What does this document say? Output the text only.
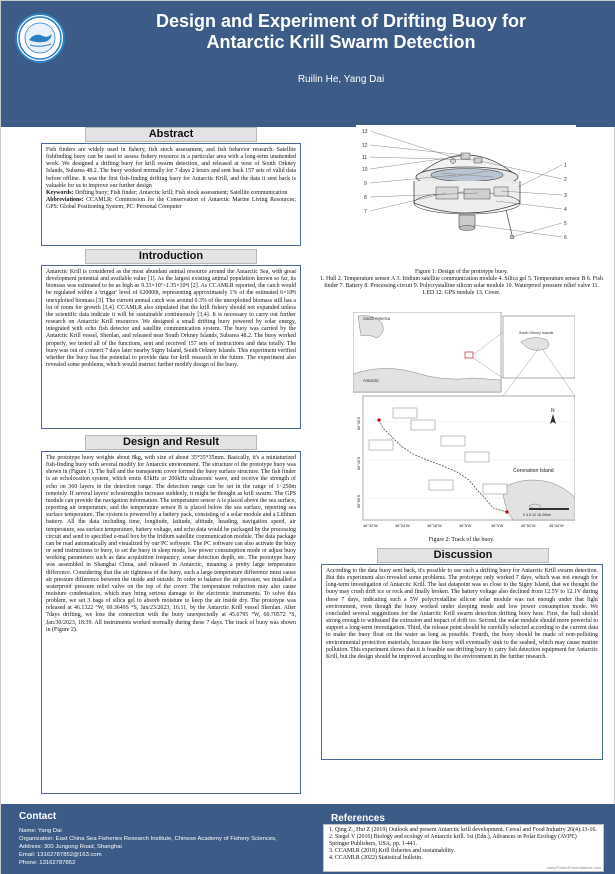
Design and Experiment of Drifting Buoy for
Antarctic Krill Swarm Detection
Ruilin He, Yang Dai
Abstract

Fish finders are widely used in fishery, fish stock assessment, and fish behavior research. Satellite fishfinding buoy can be used to assess fishery resource in a particular area with a long-term unattended work. We designed a drifting buoy for krill swarm detection, and released at west of South Orkney Islands, Subarea 48.2. The buoy worked normally for 7 days 2 hours and sent back 157 sets of valid data before offline. It was the first fish-finding drifting buoy for Antarctic Krill, and the data it sent back is valuable for us to improve our further design

Keywords: Drifting buoy; Fish finder; Antarctic krill; Fish stock assessment; Satellite communication

Abbreviations: CCAMLR: Commission for the Conservation of Antarctic Marine Living Resources; GPS: Global Positioning System; PC: Personal Computer

Introduction
Antarctic Krill is considered as the most abundant animal resource around the Antarctic Sea, with great development potential and available value [1]. As the largest existing animal population known so far, its biomass was estimated to be as high as 9.33×10⁷~1.35×10⁸t [2]. As CCAMLR reported, the catch would be regulated within a 'trigger' level of 620000t, representing approximately 1% of the estimated 6×10⁸t unexploited biomass [3]. The current annual catch was around 0.3% of the unexploited biomass still has a lot of room for growth [3,4]. CCAMLR also stipulated that the krill fishery should not expanded unless the scientific data indicate it will be sustainable continuously [3,4]. It is necessary to carry out further research on Antarctic Krill resources. We designed a small drifting buoy powered by solar energy, integrated with echo fish detector and satellite communication system. The buoy was carried by the Antarctic Krill vessel, Shenlan, and released near South Orkney Islands, Subarea 48.2. The buoy worked properly, we tested all of the functions, sent and received 157 sets of instructions and data totally. The buoy was out of connect 7 days later nearby Signy Island, South Orkney Islands. This experiment verified whether the buoy has the potential to provide data for krill research in the future. The experiment also revealed some problems, which would instruct further modify design of the buoy.
Design and Result
The prototype buoy weights about 8kg, with size of about 35*35*35mm. Basically, it's a miniaturized fish-finding buoy with several modify for Antarctic environment. The structure of the prototype buoy was shown in (Figure 1). The hull and the transparent cover formed the buoy surface structure. The fish finder is an echolocation system, which emits 83kHz or 200kHz ultrasonic wave, and receive the strength of echo on 360 layers in the detection range. The detection range can be set in the range of 1~250m remotely. If several layers' echostrengths increase suddenly, it might be thought as krill swarm. The GPS module can provide the navigation information. The temperature sensor A is placed above the sea surface, reporting air temperature, and the temperature sensor B is placed below the sea surface, reporting sea surface temperature. The system is powered by a battery pack, consisting of a solar module and a Lithium battery. All the data including time, longitude, latitude, altitude, heading, navigation speed, air temperature, sea surface temperature, battery voltage, and echo data would be packaged by the processing circuit and send to specified e-mail box by the Iridium satellite communication module. The data package can be read automatically and visualized by our PC software. The PC software can also activate the buoy or send instructions to buoy, to set the buoy in sleep mode, low power consumption mode or adjust buoy working parameters such as data acquisition frequency, sonar detection depth, etc. The prototype buoy was assembled in Shanghai China, and released in Antarctic, meaning a pretty large temperature difference. Considering that the air tightness of the buoy, such a large temperature difference must cause air pressure difference between the inside and outside. In order to balance the air pressure, we installed a waterproof pressure relief valve on the top of the cover. The temperature reduction may also cause moisture condensation, which may bring serious damage to the electronic instruments. To solve this problem, we set 3 bags of silica gel to absorb moisture to keep the air inside dry. The prototype was released at 46.1322 °W, 60.3649S °S, Jan/23/2023, 16:11, by the Antarctic Krill vessel Shenlan. After 7days drifting, we lose the connection with the buoy unexpectedly at 45.6795 °W, 60.70572 °S, Jan/30/2023, 18:39. All instruments worked normally during these 7 days. The track of buoy was shown in (Figure 2).
13
12
11
10
9
8
7
1
2
3
4
5
6
Figure 1: Design of the prototype buoy.
1. Hull 2. Temperature sensor A 3. Iridium satellite communication module 4. Silica gel 5. Temperature sensor B 6. Fish finder 7. Battery 8. Processing circuit 9. Polycrystalline silicon solar module 10. Waterproof pressure relief valve 11. LED 12. GPS module 13. Cover.
South America
Antarctic
South Orkney Islands
Coronation Island
N
0 4 8 12 16 20km
60°30'S
60°40'S
60°50'S
46°32'W	46°24'W	46°16'W	46°8'W	46°0'W	45°52'W	45°44'W
Figure 2: Track of the buoy.
Discussion
According to the data buoy sent back, it's possible to use such a drifting buoy for Antarctic Krill swarm detection. But this experiment also revealed some problems. The prototype only worked 7 days, which was not enough for long-term investigation of Antarctic Krill. The last datapoint was so close to the Signy Island, that we thought the buoy may crush drift ice or rock and finally broken. The battery voltage also declined from 12.5V to 12.1V during these 7 days, indicating such a 5W polycrystalline silicon solar module was not enough under that light environment, even though the buoy worked under sleeping mode and low power consumption mode. We concluded several suggestions for the Antarctic Krill swarm detection drifting buoy here. First, the hull should strong enough to withstand the extrusion and impact of drift ice. Second, the solar module should more powerful to support a long-term investigation. Third, the release point should be carefully selected according to the current data to make the buoy float on the water as long as possible. Fourth, the buoy should be made of non-polluting environmental protection materials, because the buoy will eventually sink to the seabed, which may cause marine pollution. This experiment shows that it is feasible use drifting buoy to carry fish detection equipment for Antarctic Krill, but the design should be improved according to the environment in the further research.
Contact
Name: Yang Dai
Organization: East China Sea Fisheries Research Institute, Chinese Academy of Fishery Sciences,
Address: 300 Jungong Road, Shanghai
Email: 13162787852@163.com
Phone: 13162787852
References

1. Qing Z., Hui Z (2019) Outlook and present Antarctic krill development. Cereal and Food Industry 26(4):13-16.

2. Siegel V (2016) Biology and ecology of Antarctic krill. 1st (Edn.), Advances in Polar Ecology (AVPE) Springer Publishers, USA, pp. 1-441.

3. CCAMLR (2018) Krill fisheries and sustainability.

4. CCAMLR (2022) Statistical bulletin.

www.PosterPresentations.com
